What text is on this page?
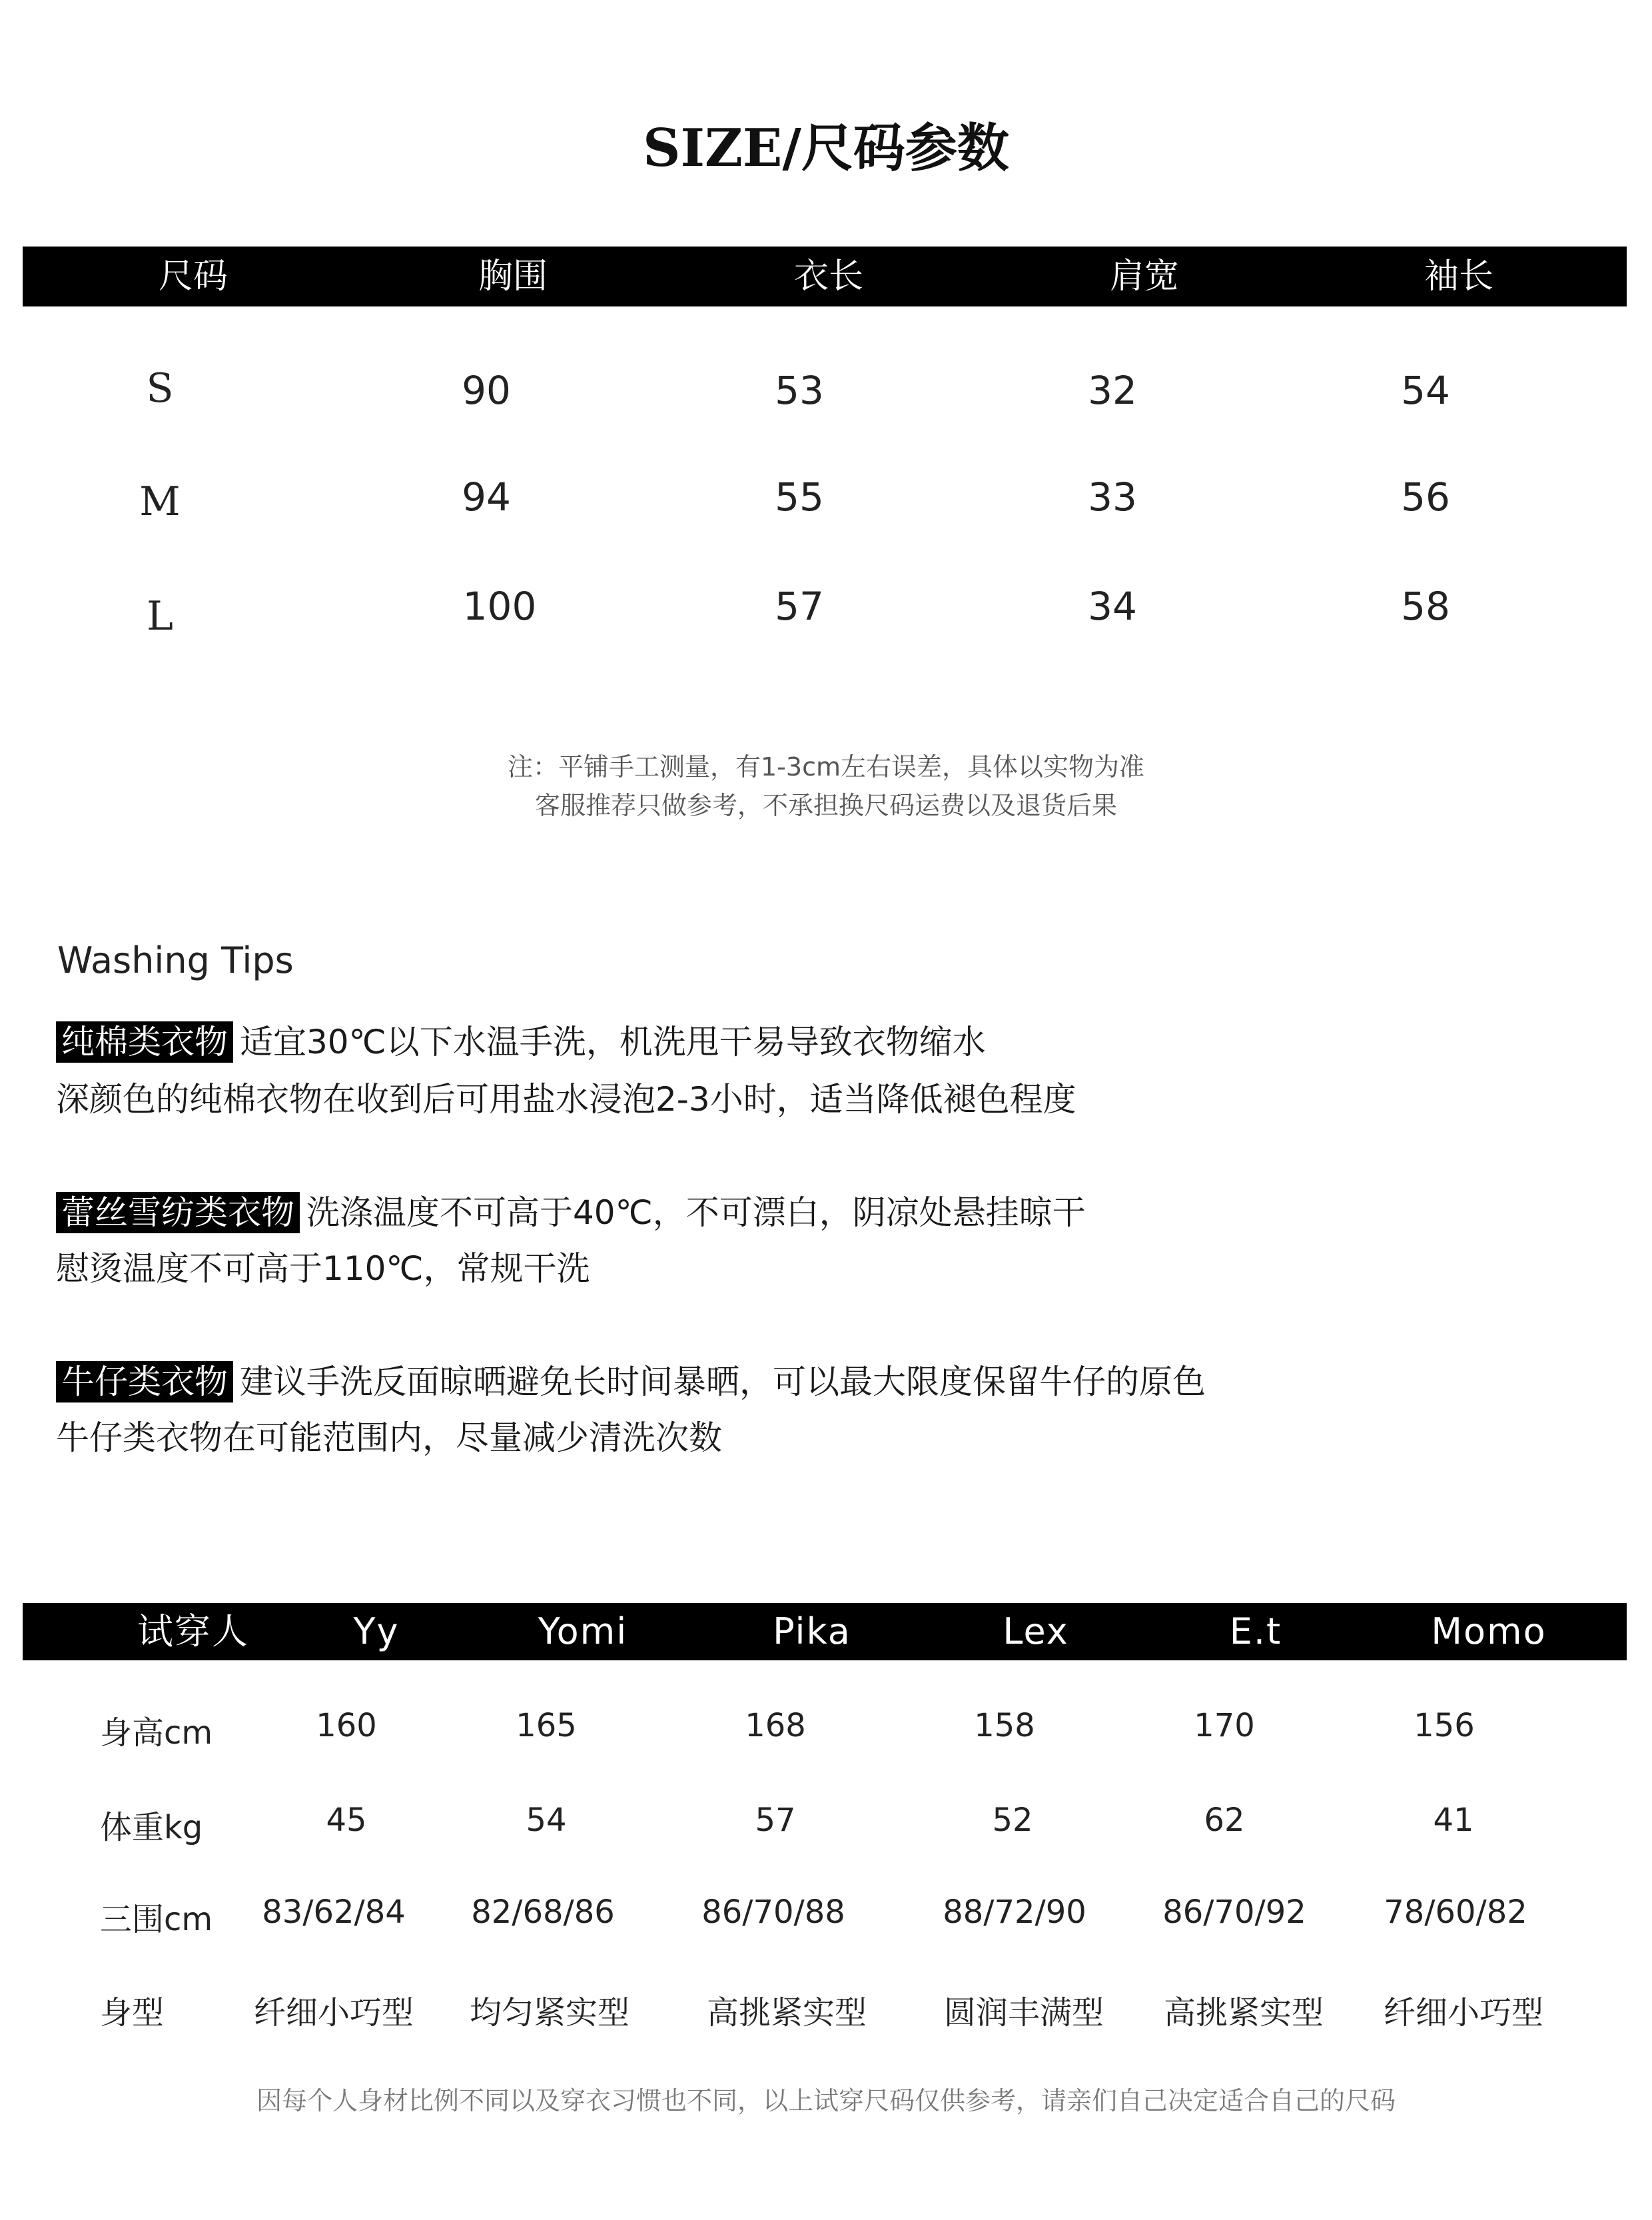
SIZE/尺码参数
尺码	胸围	衣长	肩宽	袖长
S	90	53	32	54
M	94	55	33	56
L	100	57	34	58
注：平铺手工测量，有1-3cm左右误差，具体以实物为准
客服推荐只做参考，不承担换尺码运费以及退货后果
Washing Tips
纯棉类衣物 适宜30℃以下水温手洗，机洗甩干易导致衣物缩水
深颜色的纯棉衣物在收到后可用盐水浸泡2-3小时，适当降低褪色程度
蕾丝雪纺类衣物 洗涤温度不可高于40℃，不可漂白，阴凉处悬挂晾干
慰烫温度不可高于110℃，常规干洗
牛仔类衣物 建议手洗反面晾晒避免长时间暴晒，可以最大限度保留牛仔的原色
牛仔类衣物在可能范围内，尽量减少清洗次数
试穿人	Yy	Yomi	Pika	Lex	E.t	Momo
身高cm	160	165	168	158	170	156
体重kg	45	54	57	52	62	41
三围cm	83/62/84	82/68/86	86/70/88	88/72/90	86/70/92	78/60/82
身型	纤细小巧型	均匀紧实型	高挑紧实型	圆润丰满型	高挑紧实型	纤细小巧型
因每个人身材比例不同以及穿衣习惯也不同，以上试穿尺码仅供参考，请亲们自己决定适合自己的尺码
